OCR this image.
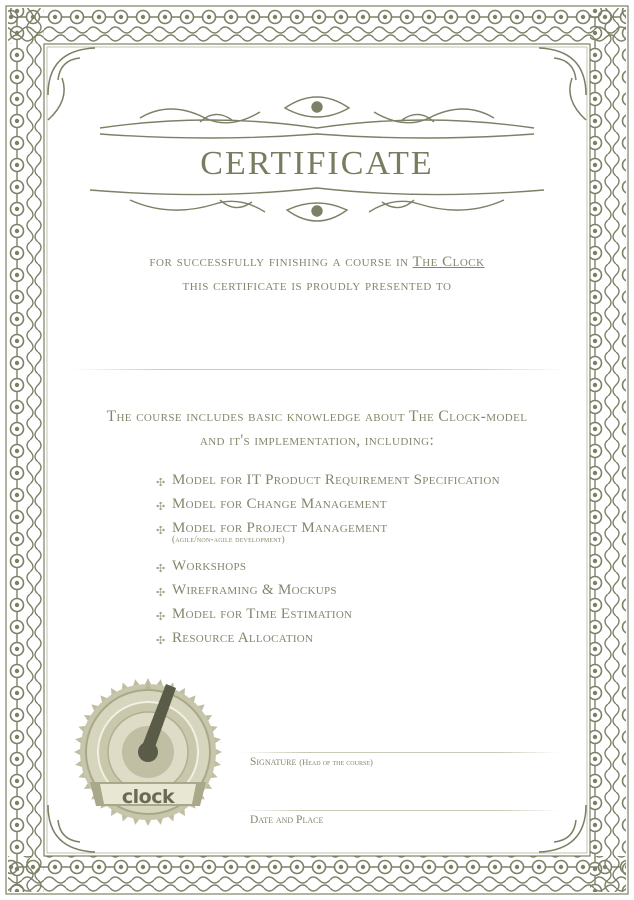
CERTIFICATE
for successfully finishing a course in The Clock
this certificate is proudly presented to
The course includes basic knowledge about The Clock-model
and it's implementation, including:
✣ Model for IT Product Requirement Specification
✣ Model for Change Management
✣ Model for Project Management
(agile/non-agile development)
✣ Workshops
✣ Wireframing & Mockups
✣ Model for Time Estimation
✣ Resource Allocation
Signature (Head of the course)
Date and Place
clock
